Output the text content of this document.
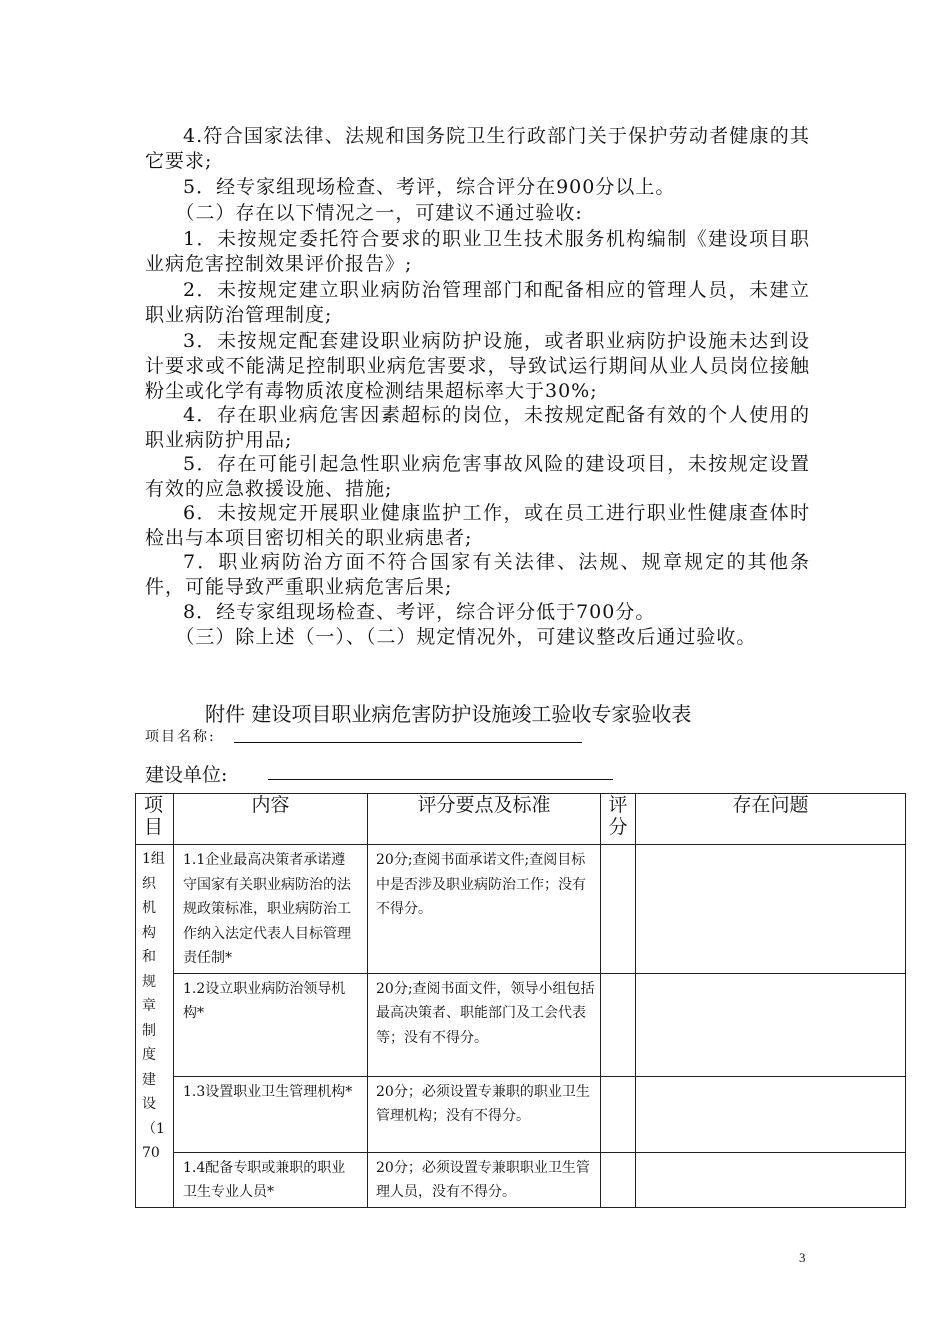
4.符合国家法律、法规和国务院卫生行政部门关于保护劳动者健康的其它要求;

5．经专家组现场检查、考评，综合评分在900分以上。

（二）存在以下情况之一，可建议不通过验收:

1．未按规定委托符合要求的职业卫生技术服务机构编制《建设项目职业病危害控制效果评价报告》;

2．未按规定建立职业病防治管理部门和配备相应的管理人员，未建立职业病防治管理制度;

3．未按规定配套建设职业病防护设施，或者职业病防护设施未达到设计要求或不能满足控制职业病危害要求，导致试运行期间从业人员岗位接触粉尘或化学有毒物质浓度检测结果超标率大于30%;

4．存在职业病危害因素超标的岗位，未按规定配备有效的个人使用的职业病防护用品;

5．存在可能引起急性职业病危害事故风险的建设项目，未按规定设置有效的应急救援设施、措施;

6．未按规定开展职业健康监护工作，或在员工进行职业性健康查体时检出与本项目密切相关的职业病患者;

7．职业病防治方面不符合国家有关法律、法规、规章规定的其他条件，可能导致严重职业病危害后果;

8．经专家组现场检查、考评，综合评分低于700分。

（三）除上述（一）、（二）规定情况外，可建议整改后通过验收。

附件 建设项目职业病危害防护设施竣工验收专家验收表
项目名称:
建设单位:
项目	内容	评分要点及标准	评分	存在问题
1组织机构和规章制度建设（170	1.1企业最高决策者承诺遵守国家有关职业病防治的法规政策标准，职业病防治工作纳入法定代表人目标管理责任制*	20分;查阅书面承诺文件;查阅目标中是否涉及职业病防治工作；没有不得分。		
	1.2设立职业病防治领导机构*	20分;查阅书面文件，领导小组包括最高决策者、职能部门及工会代表等；没有不得分。		
	1.3设置职业卫生管理机构*	20分；必须设置专兼职的职业卫生管理机构；没有不得分。		
	1.4配备专职或兼职的职业卫生专业人员*	20分；必须设置专兼职职业卫生管理人员，没有不得分。		
3
